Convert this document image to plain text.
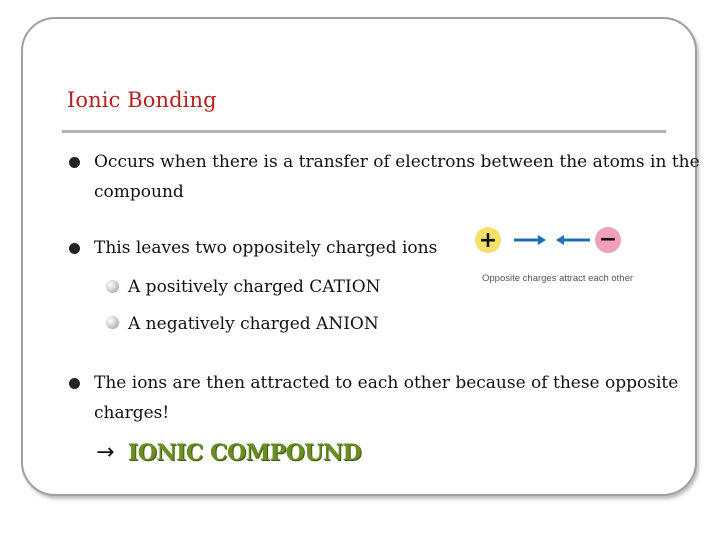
Ionic Bonding
Occurs when there is a transfer of electrons between the atoms in the
compound
This leaves two oppositely charged ions
A positively charged CATION
A negatively charged ANION
The ions are then attracted to each other because of these opposite
charges!
→ IONIC COMPOUND
+	−
Opposite charges attract each other
